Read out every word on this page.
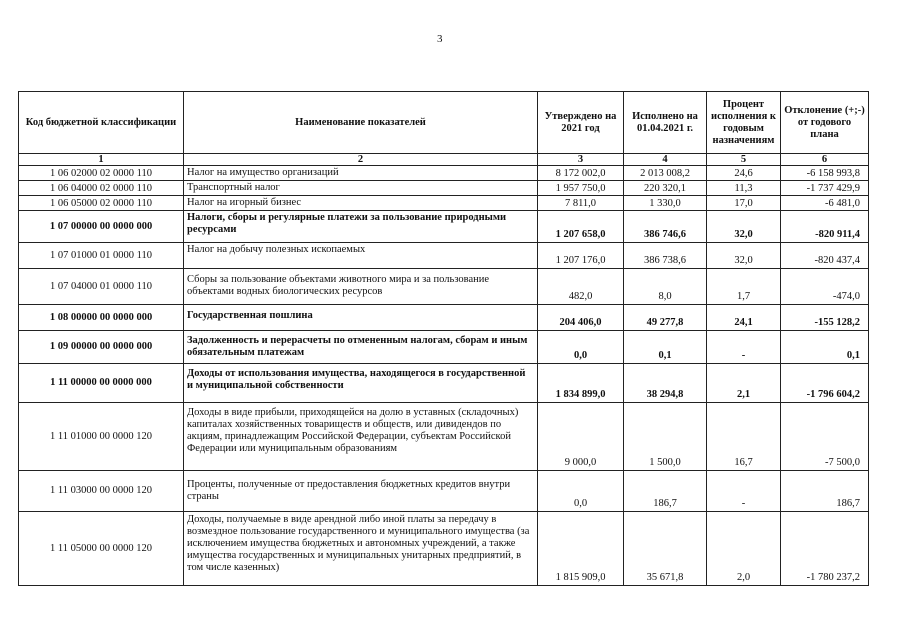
3
Код бюджетной классификации	Наименование показателей	Утверждено на 2021 год	Исполнено на 01.04.2021 г.	Процент исполнения к годовым назначениям	Отклонение (+;-) от годового плана
1	2	3	4	5	6
1 06 02000 02 0000 110	Налог на имущество организаций	8 172 002,0	2 013 008,2	24,6	-6 158 993,8
1 06 04000 02 0000 110	Транспортный налог	1 957 750,0	220 320,1	11,3	-1 737 429,9
1 06 05000 02 0000 110	Налог на игорный бизнес	7 811,0	1 330,0	17,0	-6 481,0
1 07 00000 00 0000 000	Налоги, сборы и регулярные платежи за пользование природными ресурсами	1 207 658,0	386 746,6	32,0	-820 911,4
1 07 01000 01 0000 110	Налог на добычу полезных ископаемых	1 207 176,0	386 738,6	32,0	-820 437,4
1 07 04000 01 0000 110	Сборы за пользование объектами животного мира и за пользование объектами водных биологических ресурсов	482,0	8,0	1,7	-474,0
1 08 00000 00 0000 000	Государственная пошлина	204 406,0	49 277,8	24,1	-155 128,2
1 09 00000 00 0000 000	Задолженность и перерасчеты по отмененным налогам, сборам и иным обязательным платежам	0,0	0,1	-	0,1
1 11 00000 00 0000 000	Доходы от использования имущества, находящегося в государственной и муниципальной собственности	1 834 899,0	38 294,8	2,1	-1 796 604,2
1 11 01000 00 0000 120	Доходы в виде прибыли, приходящейся на долю в уставных (складочных) капиталах хозяйственных товариществ и обществ, или дивидендов по акциям, принадлежащим Российской Федерации, субъектам Российской Федерации или муниципальным образованиям	9 000,0	1 500,0	16,7	-7 500,0
1 11 03000 00 0000 120	Проценты, полученные от предоставления бюджетных кредитов внутри страны	0,0	186,7	-	186,7
1 11 05000 00 0000 120	Доходы, получаемые в виде арендной либо иной платы за передачу в возмездное пользование государственного и муниципального имущества (за исключением имущества бюджетных и автономных учреждений, а также имущества государственных и муниципальных унитарных предприятий, в том числе казенных)	1 815 909,0	35 671,8	2,0	-1 780 237,2
